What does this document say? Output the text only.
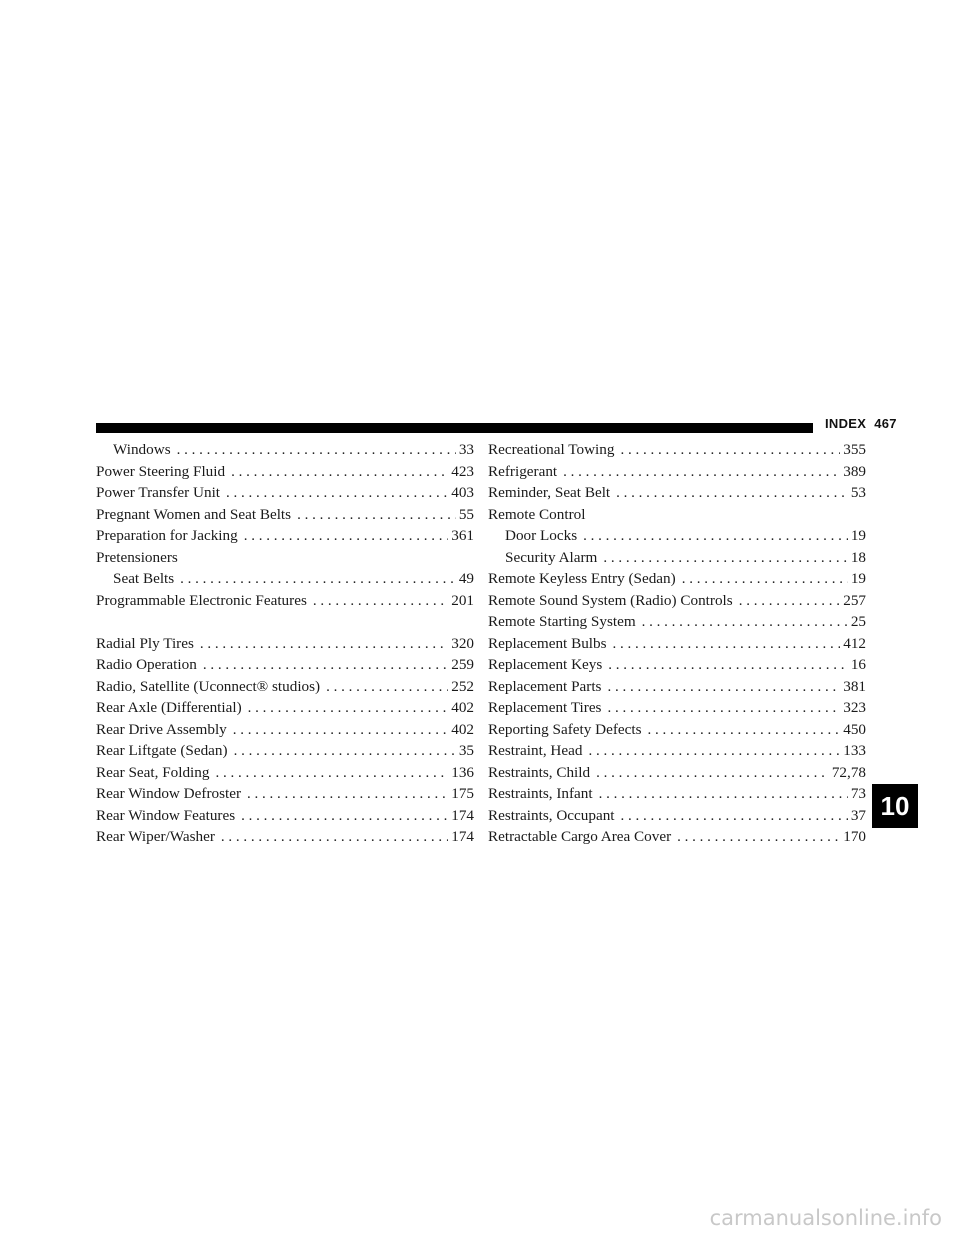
INDEX 467
Windows . . .	33
Power Steering Fluid . . .	423
Power Transfer Unit . . .	403
Pregnant Women and Seat Belts . . .	55
Preparation for Jacking . . .	361
Pretensioners
Seat Belts . . .	49
Programmable Electronic Features . . .	201
Radial Ply Tires . . .	320
Radio Operation . . .	259
Radio, Satellite (Uconnect® studios) . . .	252
Rear Axle (Differential) . . .	402
Rear Drive Assembly . . .	402
Rear Liftgate (Sedan) . . .	35
Rear Seat, Folding . . .	136
Rear Window Defroster . . .	175
Rear Window Features . . .	174
Rear Wiper/Washer . . .	174
Recreational Towing . . .	355
Refrigerant . . .	389
Reminder, Seat Belt . . .	53
Remote Control
Door Locks . . .	19
Security Alarm . . .	18
Remote Keyless Entry (Sedan) . . .	19
Remote Sound System (Radio) Controls . . .	257
Remote Starting System . . .	25
Replacement Bulbs . . .	412
Replacement Keys . . .	16
Replacement Parts . . .	381
Replacement Tires . . .	323
Reporting Safety Defects . . .	450
Restraint, Head . . .	133
Restraints, Child . . .	72,78
Restraints, Infant . . .	73
Restraints, Occupant . . .	37
Retractable Cargo Area Cover . . .	170
10
carmanualsonline.info
